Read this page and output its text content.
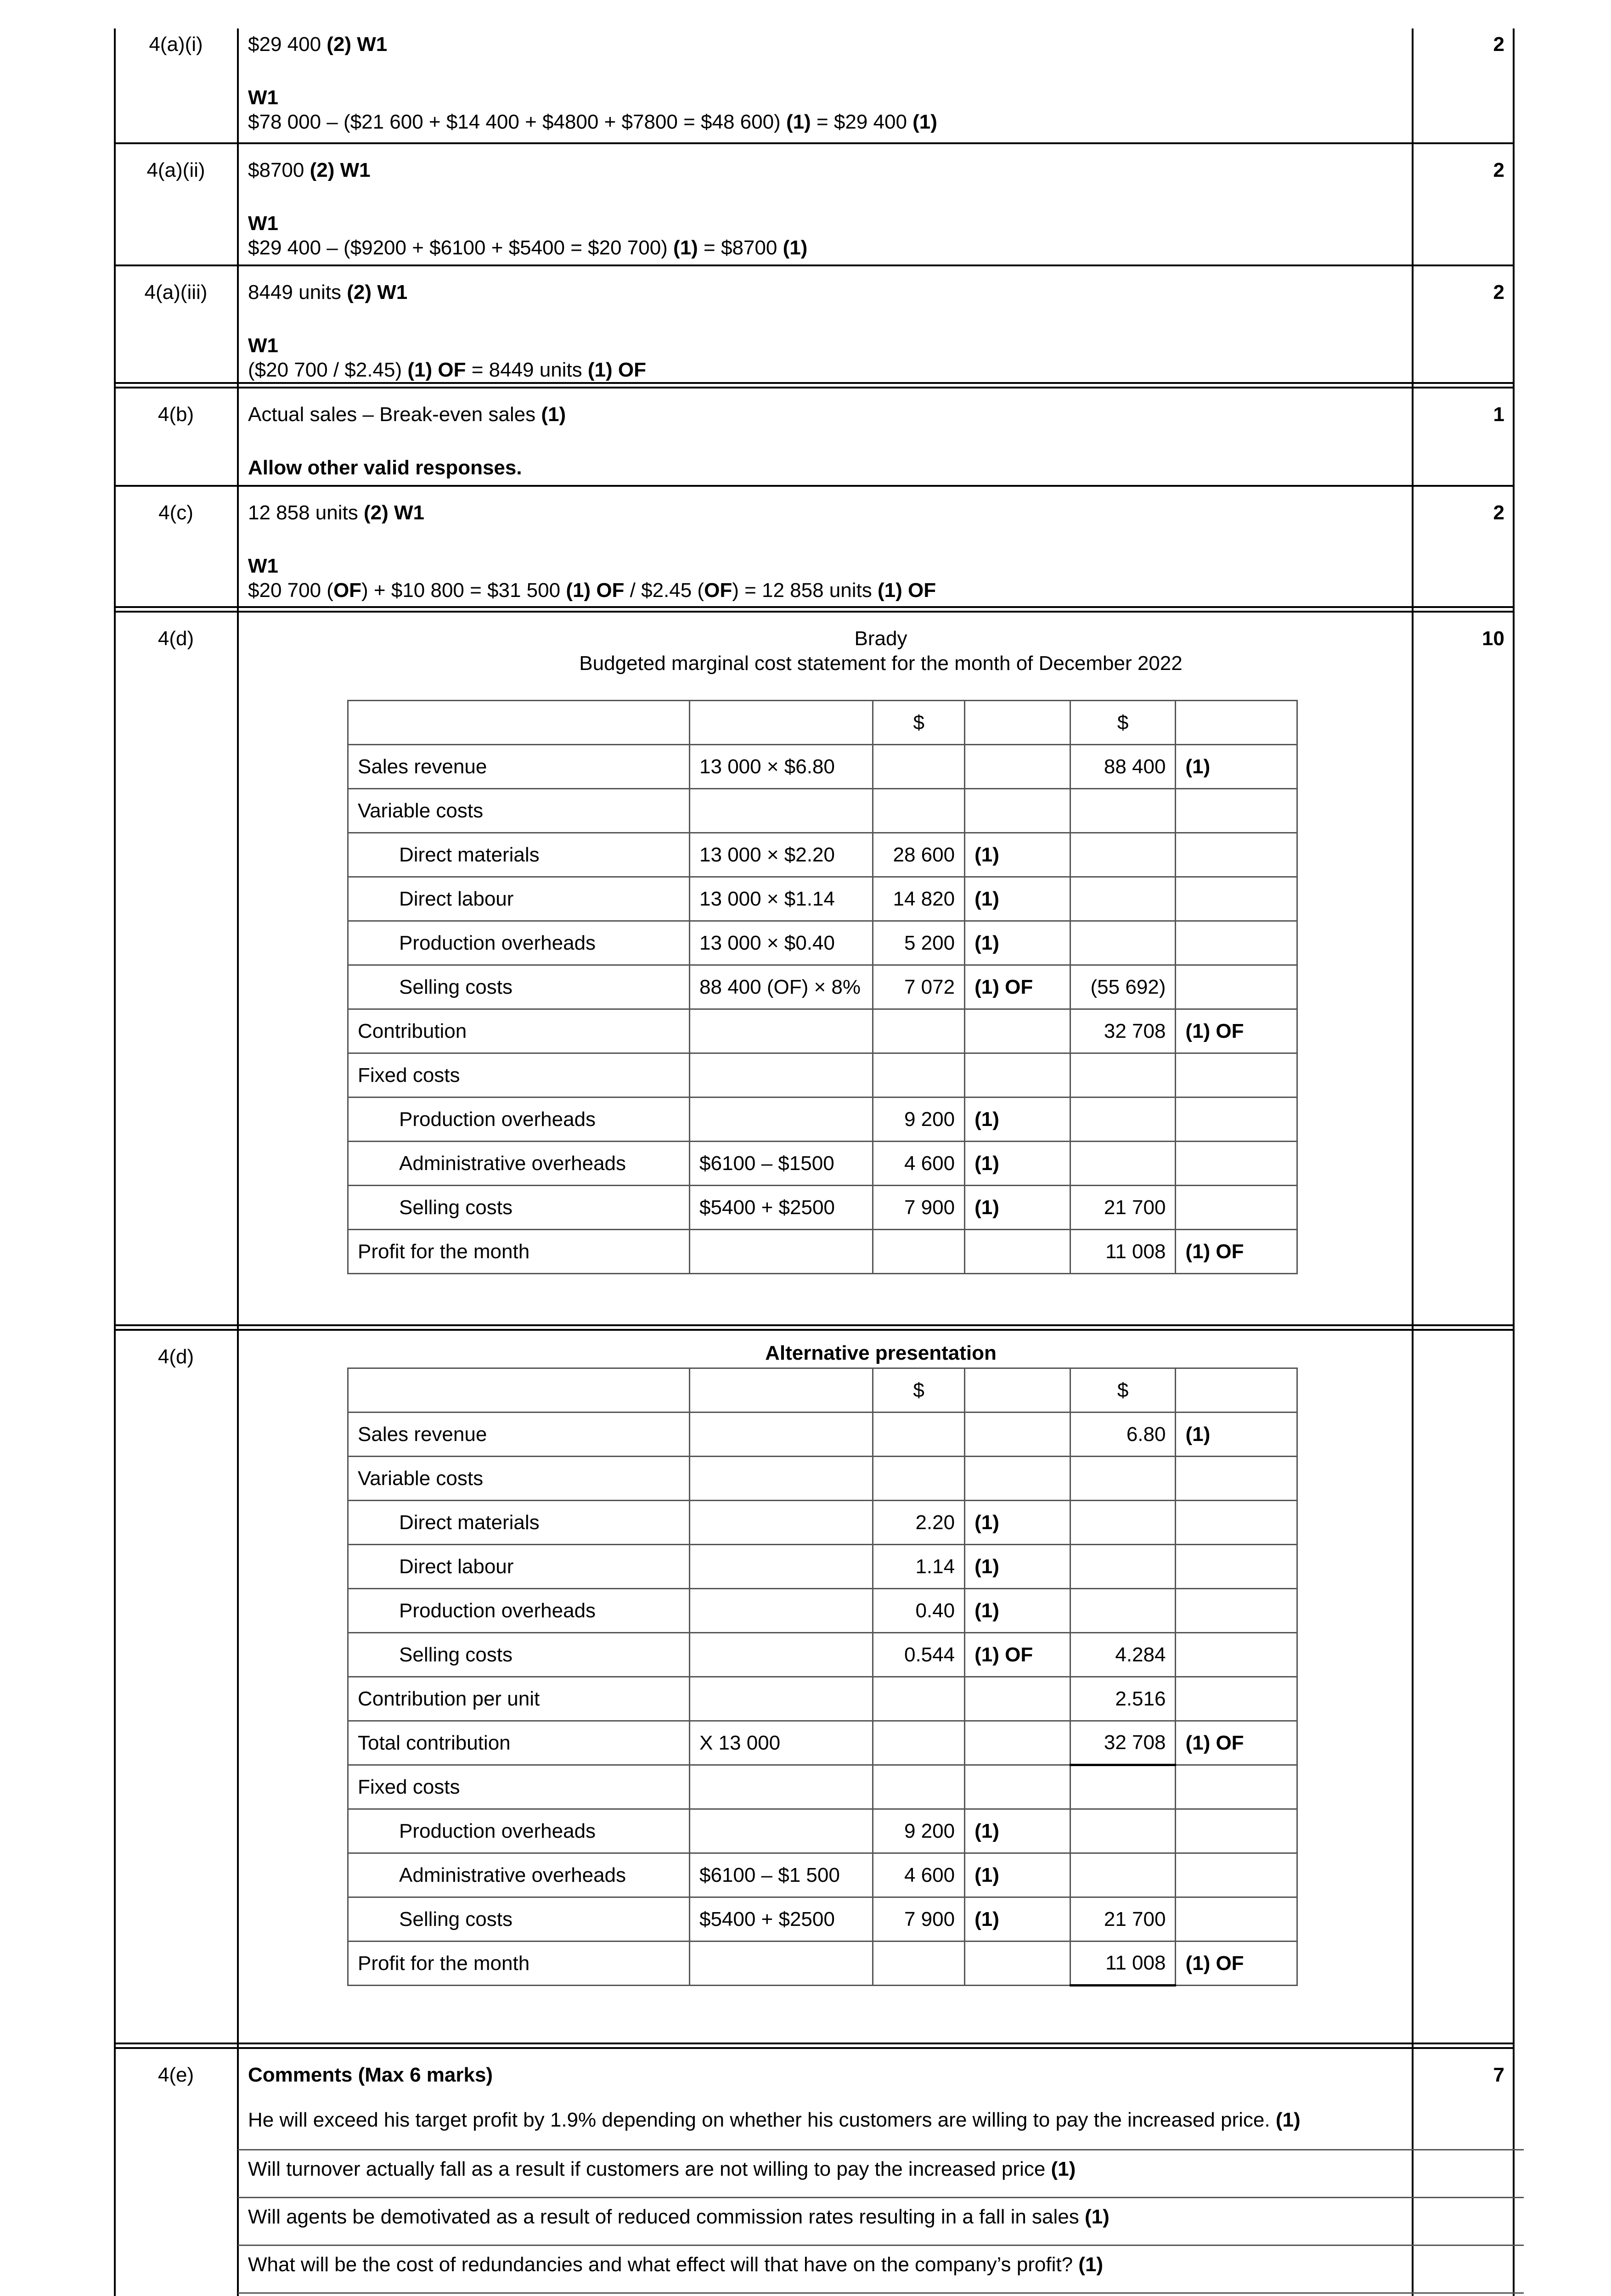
4(a)(i)	$29 400 (2) W1

W1

$78 000 – ($21 600 + $14 400 + $4800 + $7800 = $48 600) (1) = $29 400 (1)

2
4(a)(ii)	$8700 (2) W1

W1

$29 400 – ($9200 + $6100 + $5400 = $20 700) (1) = $8700 (1)

2
4(a)(iii)	8449 units (2) W1

W1

($20 700 / $2.45) (1) OF = 8449 units (1) OF

2
4(b)	Actual sales – Break-even sales (1)

Allow other valid responses.

1
4(c)	12 858 units (2) W1

W1

$20 700 (OF) + $10 800 = $31 500 (1) OF / $2.45 (OF) = 12 858 units (1) OF

2
4(d)	Brady
Budgeted marginal cost statement for the month of December 2022
		$		$	
Sales revenue	13 000 × $6.80			88 400	(1)
Variable costs					
Direct materials	13 000 × $2.20	28 600	(1)		
Direct labour	13 000 × $1.14	14 820	(1)		
Production overheads	13 000 × $0.40	5 200	(1)		
Selling costs	88 400 (OF) × 8%	7 072	(1) OF	(55 692)	
Contribution				32 708	(1) OF
Fixed costs					
Production overheads		9 200	(1)		
Administrative overheads	$6100 – $1500	4 600	(1)		
Selling costs	$5400 + $2500	7 900	(1)	21 700	
Profit for the month				11 008	(1) OF
10
4(d)	Alternative presentation
		$		$	
Sales revenue				6.80	(1)
Variable costs					
Direct materials		2.20	(1)		
Direct labour		1.14	(1)		
Production overheads		0.40	(1)		
Selling costs		0.544	(1) OF	4.284	
Contribution per unit				2.516	
Total contribution	X 13 000			32 708	(1) OF
Fixed costs					
Production overheads		9 200	(1)		
Administrative overheads	$6100 – $1 500	4 600	(1)		
Selling costs	$5400 + $2500	7 900	(1)	21 700	
Profit for the month				11 008	(1) OF
4(e)	7
Comments (Max 6 marks)
He will exceed his target profit by 1.9% depending on whether his customers are willing to pay the increased price. (1)
Will turnover actually fall as a result if customers are not willing to pay the increased price (1)
Will agents be demotivated as a result of reduced commission rates resulting in a fall in sales (1)
What will be the cost of redundancies and what effect will that have on the company’s profit? (1)
